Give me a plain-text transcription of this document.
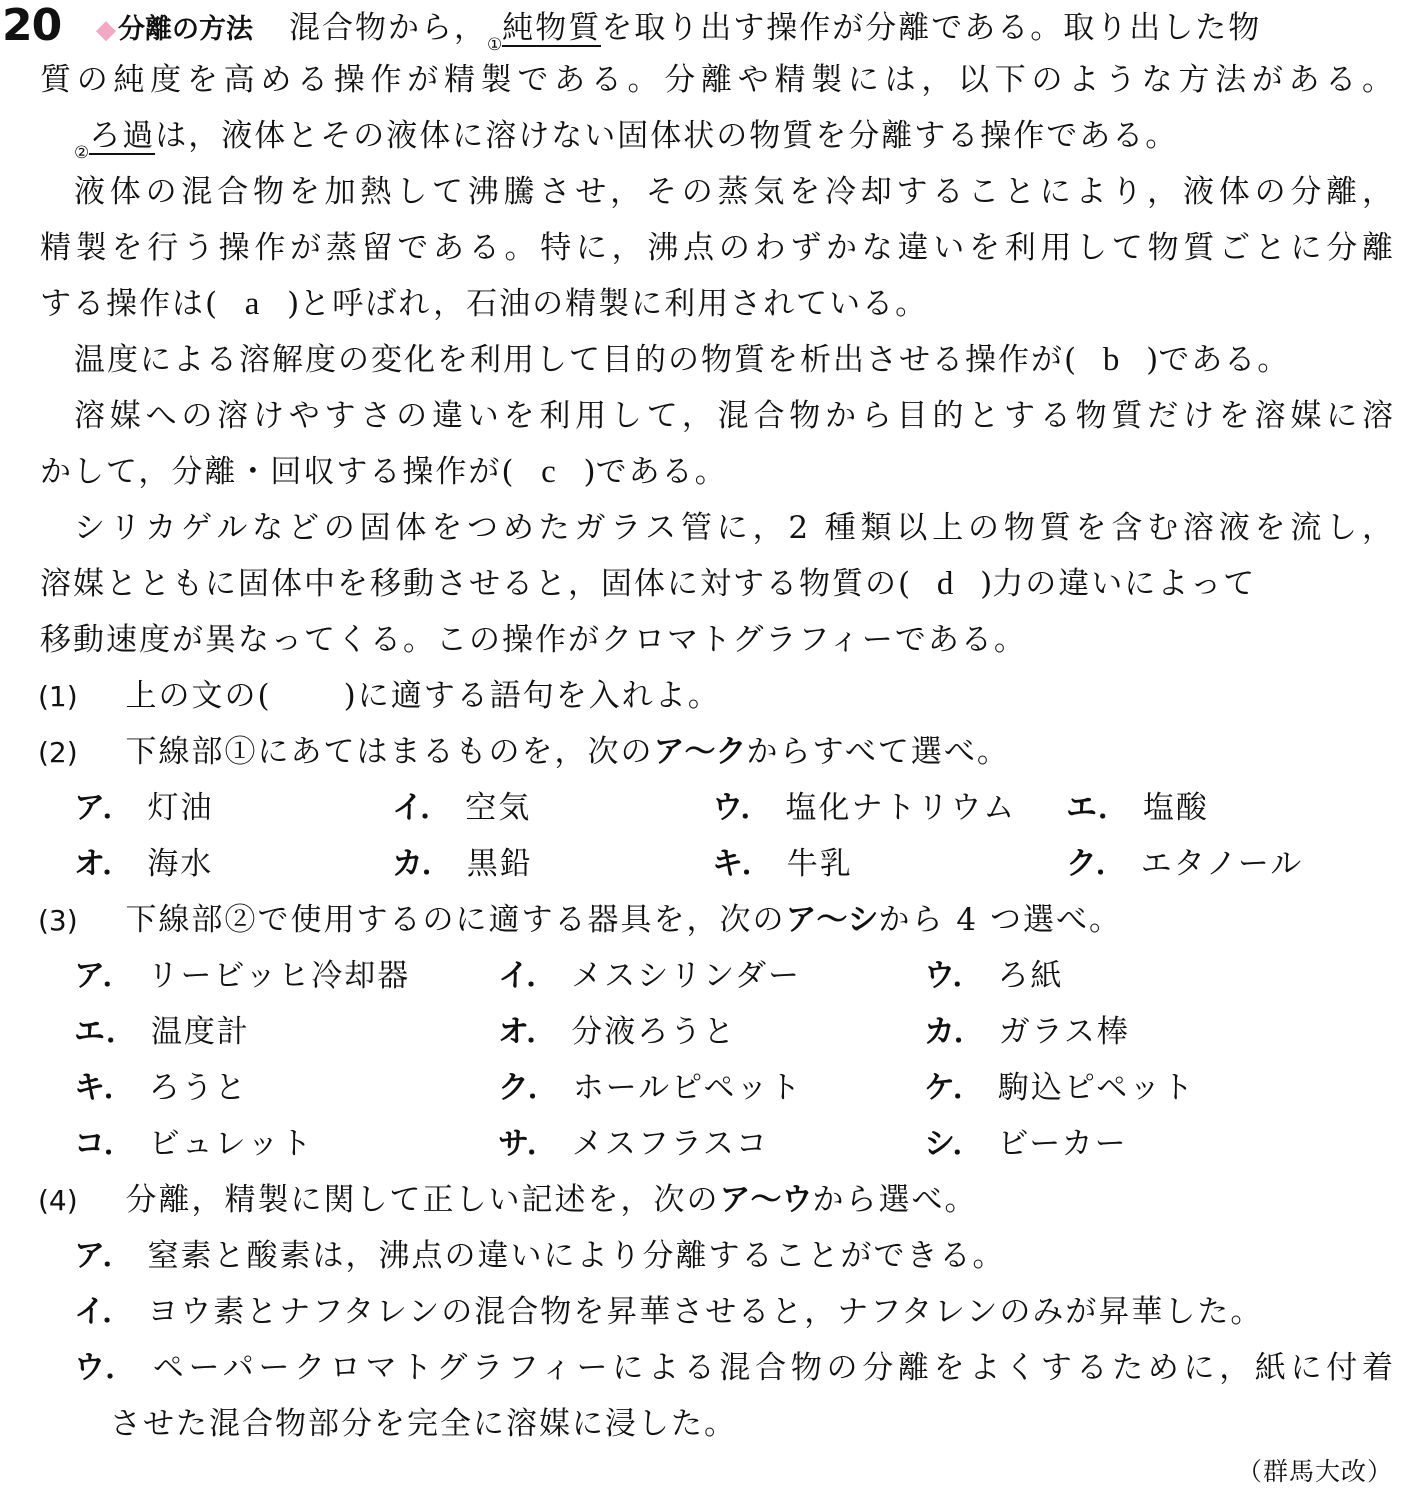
20 ◆分離の方法 混合物から，$_①$純物質を取り出す操作が分離である。取り出した物
質の純度を高める操作が精製である。分離や精製には，以下のような方法がある。
$_②$ろ過は，液体とその液体に溶けない固体状の物質を分離する操作である。
液体の混合物を加熱して沸騰させ，その蒸気を冷却することにより，液体の分離，
精製を行う操作が蒸留である。特に，沸点のわずかな違いを利用して物質ごとに分離
する操作は( a )と呼ばれ，石油の精製に利用されている。
温度による溶解度の変化を利用して目的の物質を析出させる操作が( b )である。
溶媒への溶けやすさの違いを利用して，混合物から目的とする物質だけを溶媒に溶
かして，分離・回収する操作が( c )である。
シリカゲルなどの固体をつめたガラス管に，2 種類以上の物質を含む溶液を流し，
溶媒とともに固体中を移動させると，固体に対する物質の( d )力の違いによって
移動速度が異なってくる。この操作がクロマトグラフィーである。
(1) 上の文の( )に適する語句を入れよ。
(2) 下線部①にあてはまるものを，次のア～クからすべて選べ。
ア． 灯油	イ． 空気	ウ． 塩化ナトリウム エ． 塩酸
オ． 海水	カ． 黒鉛	キ． 牛乳	ク． エタノール
(3) 下線部②で使用するのに適する器具を，次のア～シから 4 つ選べ。
ア． リービッヒ冷却器	イ． メスシリンダー	ウ． ろ紙
エ． 温度計	オ． 分液ろうと	カ． ガラス棒
キ． ろうと	ク． ホールピペット	ケ． 駒込ピペット
コ． ビュレット	サ． メスフラスコ	シ． ビーカー
(4) 分離，精製に関して正しい記述を，次のア～ウから選べ。
ア． 窒素と酸素は，沸点の違いにより分離することができる。
イ． ヨウ素とナフタレンの混合物を昇華させると，ナフタレンのみが昇華した。
ウ． ペーパークロマトグラフィーによる混合物の分離をよくするために，紙に付着
させた混合物部分を完全に溶媒に浸した。
（群馬大改）
